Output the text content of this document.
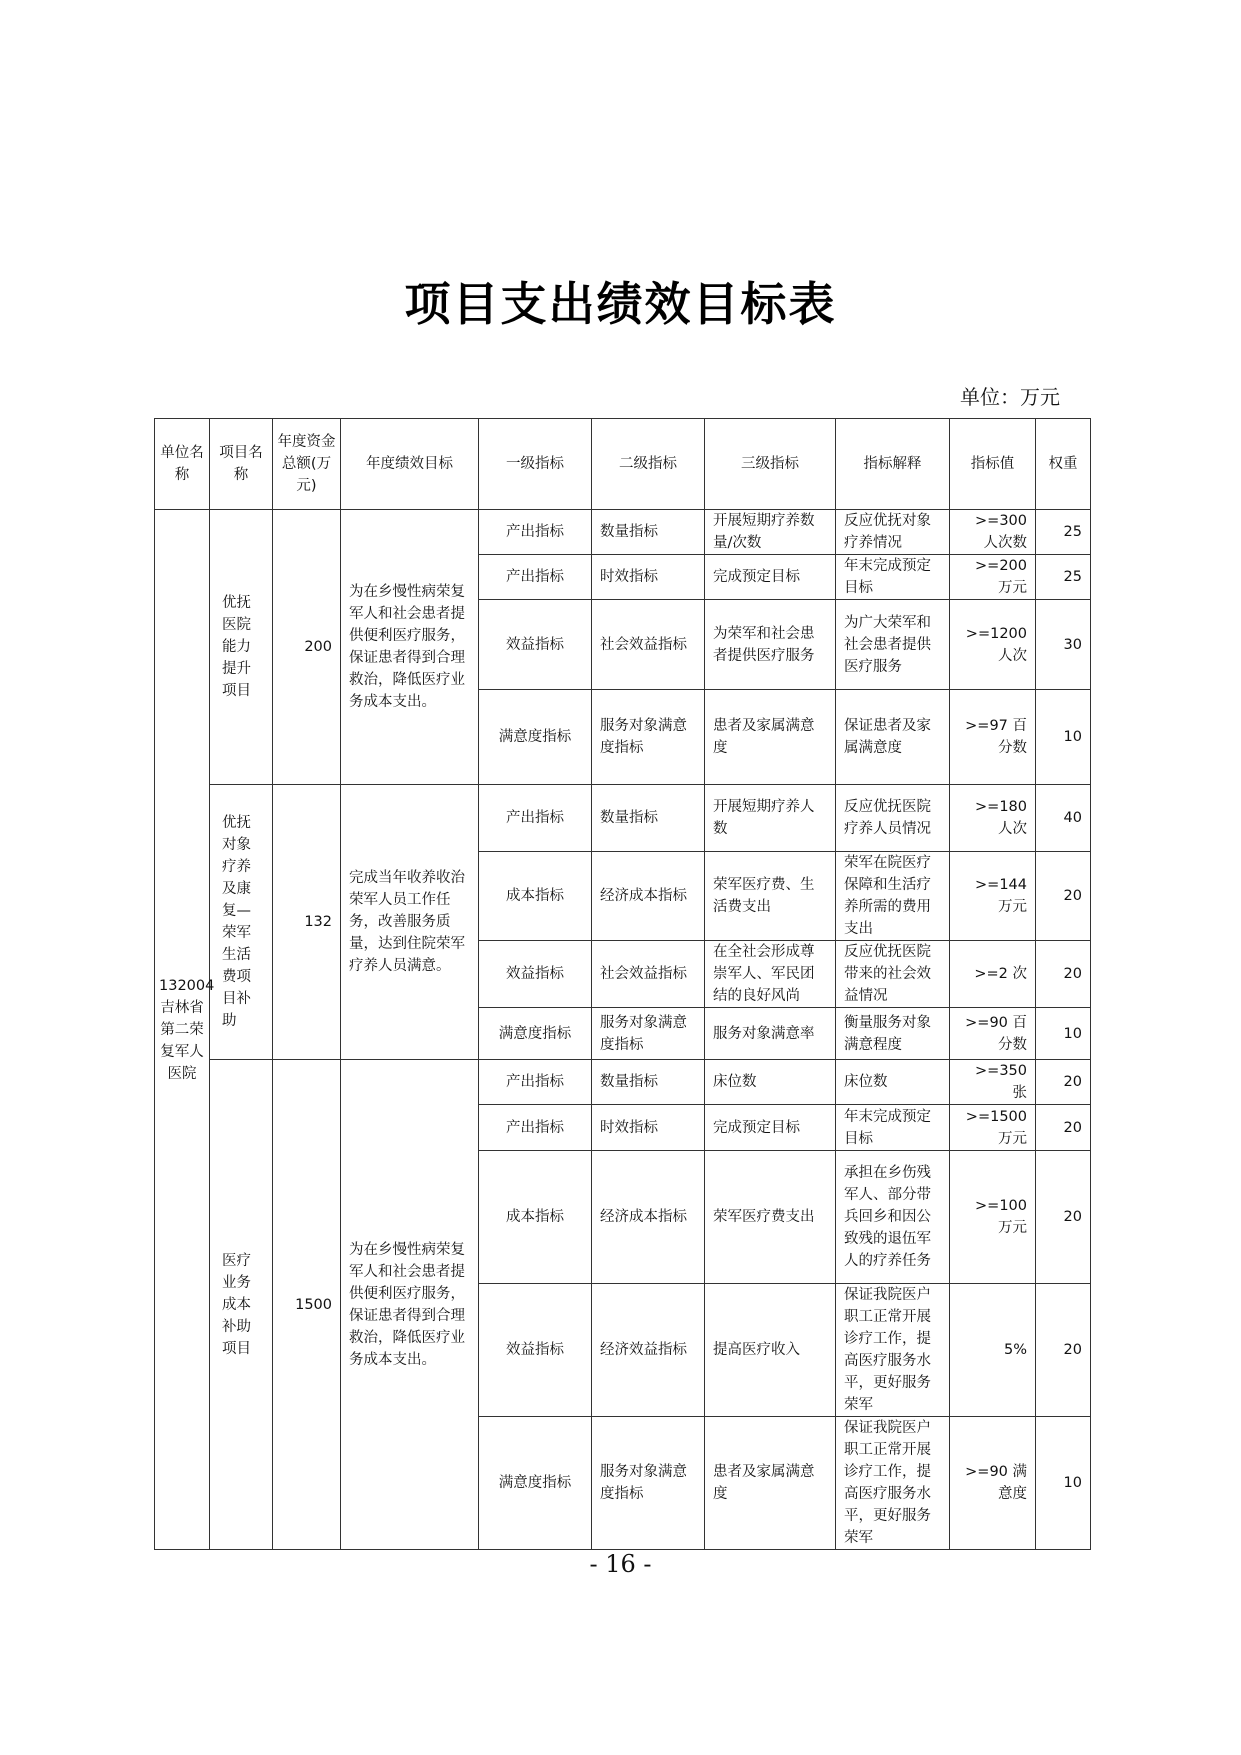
项目支出绩效目标表
单位：万元
单位名称	项目名称	年度资金总额(万元)	年度绩效目标	一级指标	二级指标	三级指标	指标解释	指标值	权重
132004吉林省第二荣复军人医院	优抚医院能力提升项目	200	为在乡慢性病荣复军人和社会患者提供便利医疗服务，保证患者得到合理救治，降低医疗业务成本支出。	产出指标	数量指标	开展短期疗养数量/次数	反应优抚对象疗养情况	>=300 人次数	25
				产出指标	时效指标	完成预定目标	年末完成预定目标	>=200 万元	25
				效益指标	社会效益指标	为荣军和社会患者提供医疗服务	为广大荣军和社会患者提供医疗服务	>=1200 人次	30
				满意度指标	服务对象满意度指标	患者及家属满意度	保证患者及家属满意度	>=97 百分数	10
	优抚对象疗养及康复—荣军生活费项目补助	132	完成当年收养收治荣军人员工作任务，改善服务质量，达到住院荣军疗养人员满意。	产出指标	数量指标	开展短期疗养人数	反应优抚医院疗养人员情况	>=180 人次	40
				成本指标	经济成本指标	荣军医疗费、生活费支出	荣军在院医疗保障和生活疗养所需的费用支出	>=144 万元	20
				效益指标	社会效益指标	在全社会形成尊崇军人、军民团结的良好风尚	反应优抚医院带来的社会效益情况	>=2 次	20
				满意度指标	服务对象满意度指标	服务对象满意率	衡量服务对象满意程度	>=90 百分数	10
	医疗业务成本补助项目	1500	为在乡慢性病荣复军人和社会患者提供便利医疗服务，保证患者得到合理救治，降低医疗业务成本支出。	产出指标	数量指标	床位数	床位数	>=350 张	20
				产出指标	时效指标	完成预定目标	年末完成预定目标	>=1500 万元	20
				成本指标	经济成本指标	荣军医疗费支出	承担在乡伤残军人、部分带兵回乡和因公致残的退伍军人的疗养任务	>=100 万元	20
				效益指标	经济效益指标	提高医疗收入	保证我院医户职工正常开展诊疗工作，提高医疗服务水平，更好服务荣军	5%	20
				满意度指标	服务对象满意度指标	患者及家属满意度	保证我院医户职工正常开展诊疗工作，提高医疗服务水平，更好服务荣军	>=90 满意度	10
- 16 -
